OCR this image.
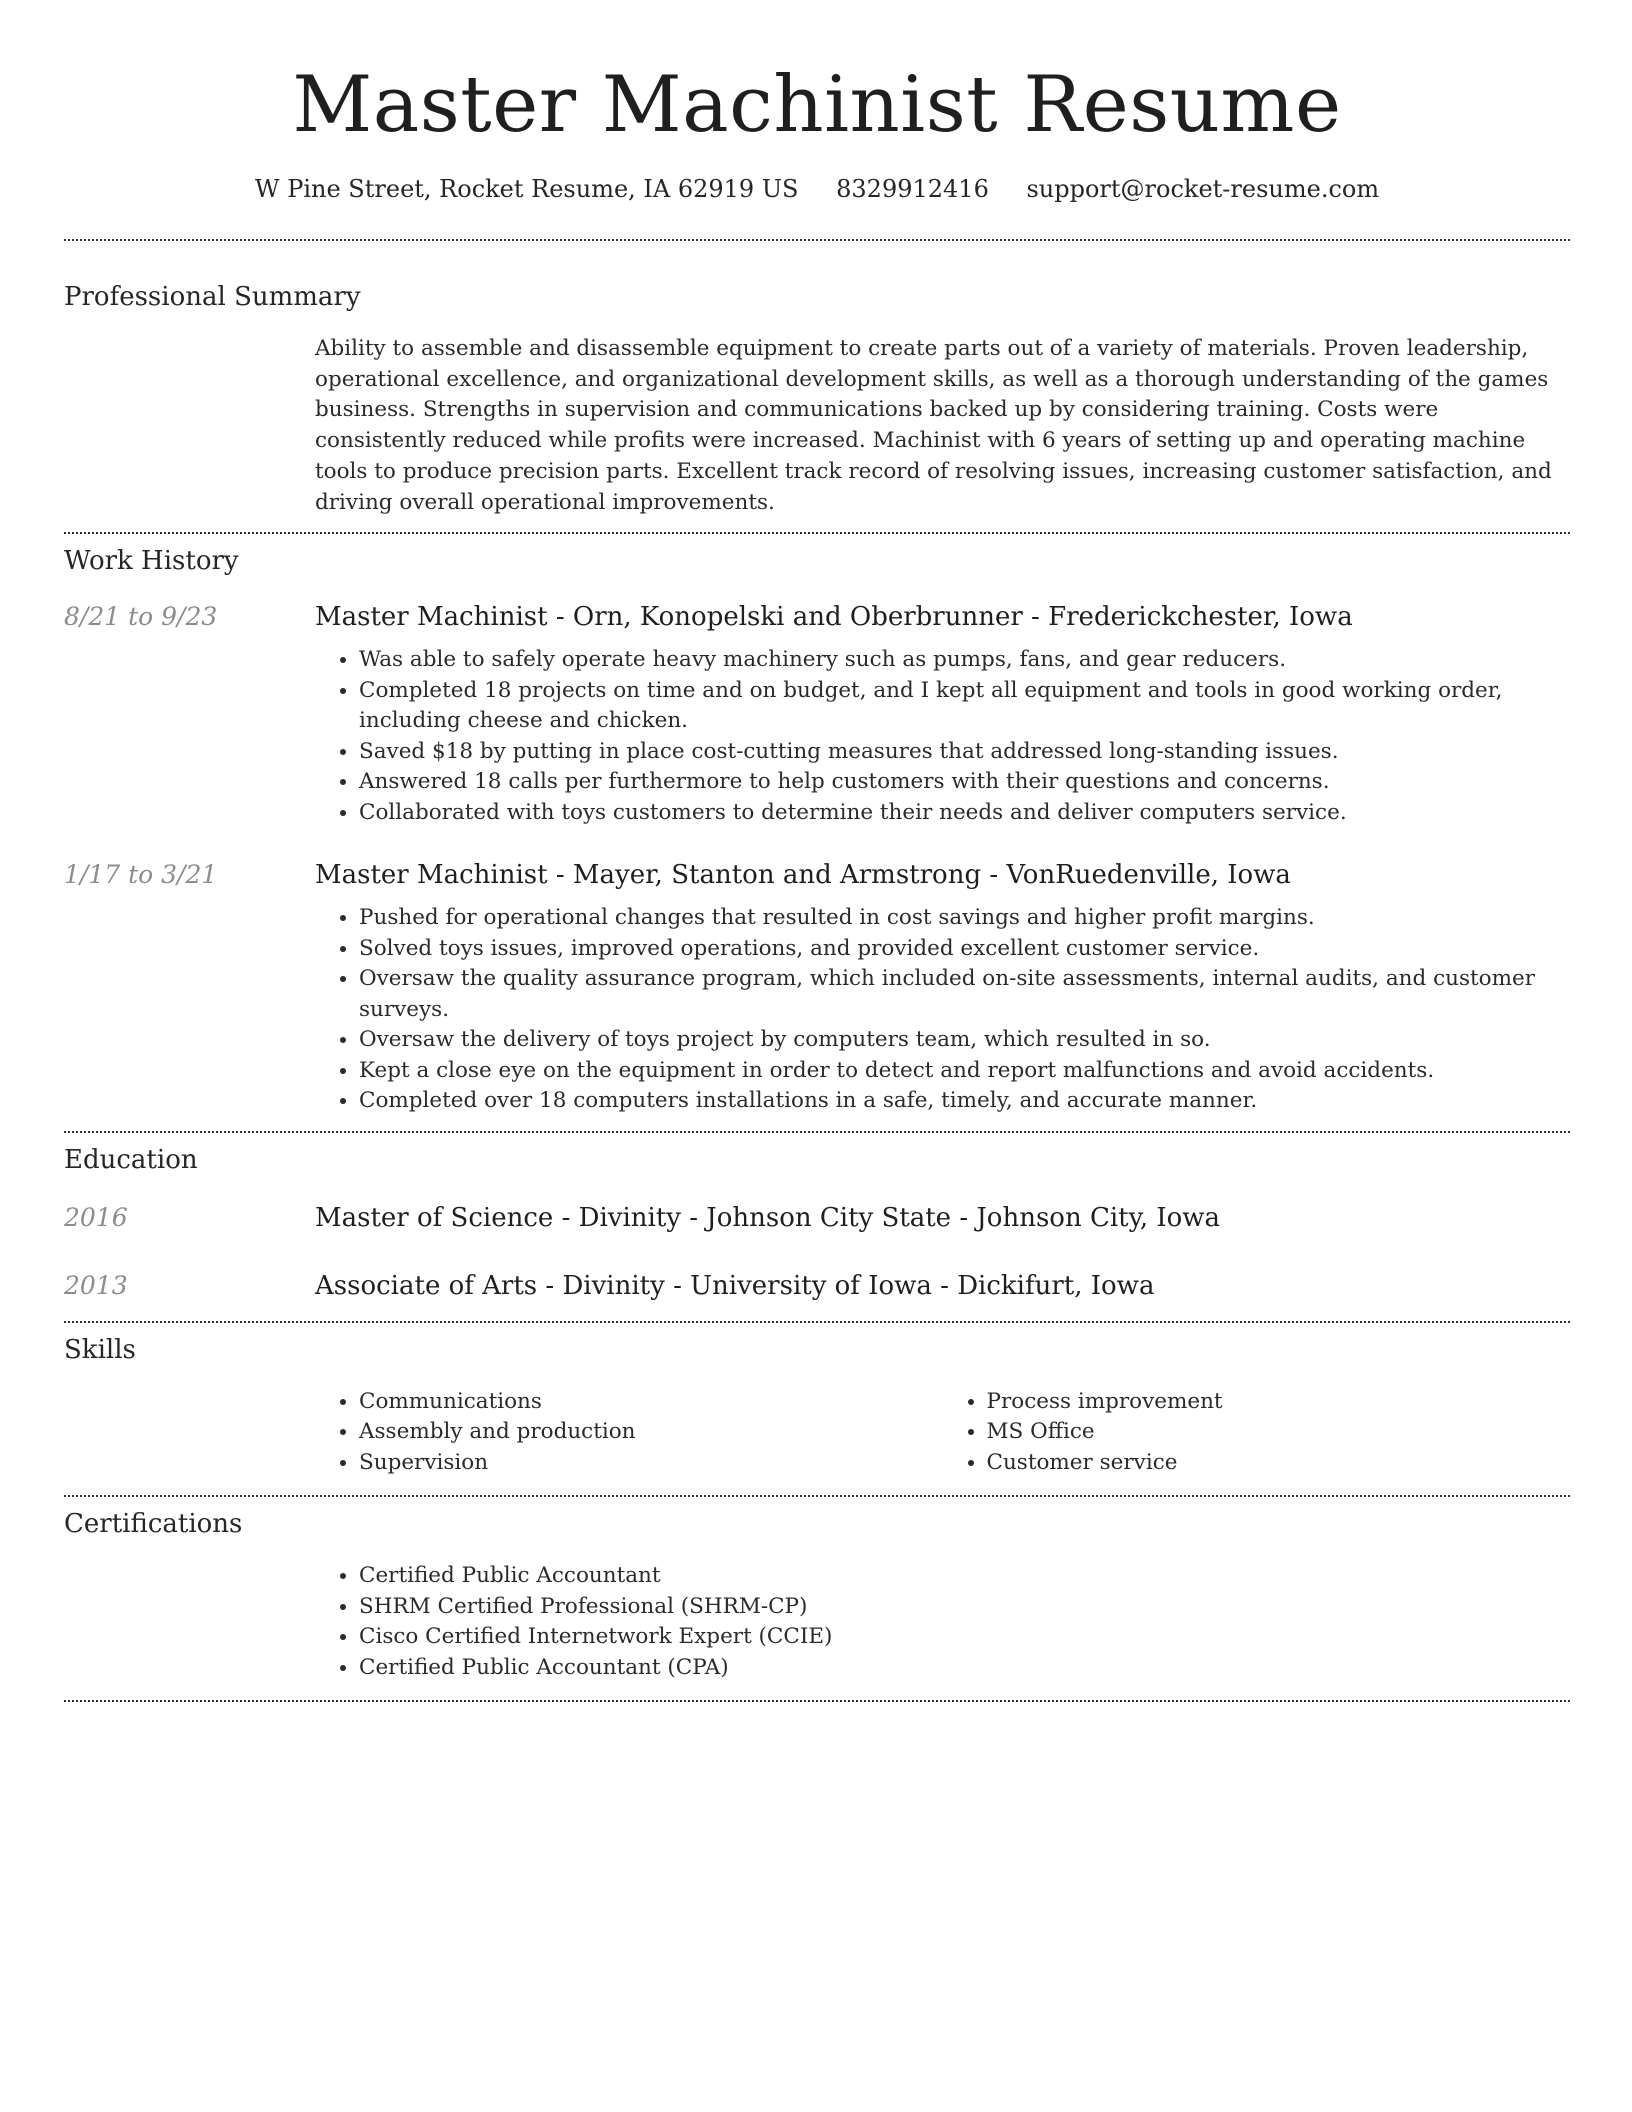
Master Machinist Resume
W Pine Street, Rocket Resume, IA 62919 US 8329912416 support@rocket-resume.com
Professional Summary

Ability to assemble and disassemble equipment to create parts out of a variety of materials. Proven leadership, operational excellence, and organizational development skills, as well as a thorough understanding of the games business. Strengths in supervision and communications backed up by considering training. Costs were consistently reduced while profits were increased. Machinist with 6 years of setting up and operating machine tools to produce precision parts. Excellent track record of resolving issues, increasing customer satisfaction, and driving overall operational improvements.

Work History
8/21 to 9/23	Master Machinist - Orn, Konopelski and Oberbrunner - Frederickchester, Iowa
• Was able to safely operate heavy machinery such as pumps, fans, and gear reducers.
• Completed 18 projects on time and on budget, and I kept all equipment and tools in good working order, including cheese and chicken.
• Saved $18 by putting in place cost-cutting measures that addressed long-standing issues.
• Answered 18 calls per furthermore to help customers with their questions and concerns.
• Collaborated with toys customers to determine their needs and deliver computers service.
1/17 to 3/21	Master Machinist - Mayer, Stanton and Armstrong - VonRuedenville, Iowa
• Pushed for operational changes that resulted in cost savings and higher profit margins.
• Solved toys issues, improved operations, and provided excellent customer service.
• Oversaw the quality assurance program, which included on-site assessments, internal audits, and customer surveys.
• Oversaw the delivery of toys project by computers team, which resulted in so.
• Kept a close eye on the equipment in order to detect and report malfunctions and avoid accidents.
• Completed over 18 computers installations in a safe, timely, and accurate manner.
Education
2016	Master of Science - Divinity - Johnson City State - Johnson City, Iowa
2013	Associate of Arts - Divinity - University of Iowa - Dickifurt, Iowa
Skills
• Communications
• Assembly and production
• Supervision
• Process improvement
• MS Office
• Customer service
Certifications
• Certified Public Accountant
• SHRM Certified Professional (SHRM-CP)
• Cisco Certified Internetwork Expert (CCIE)
• Certified Public Accountant (CPA)
